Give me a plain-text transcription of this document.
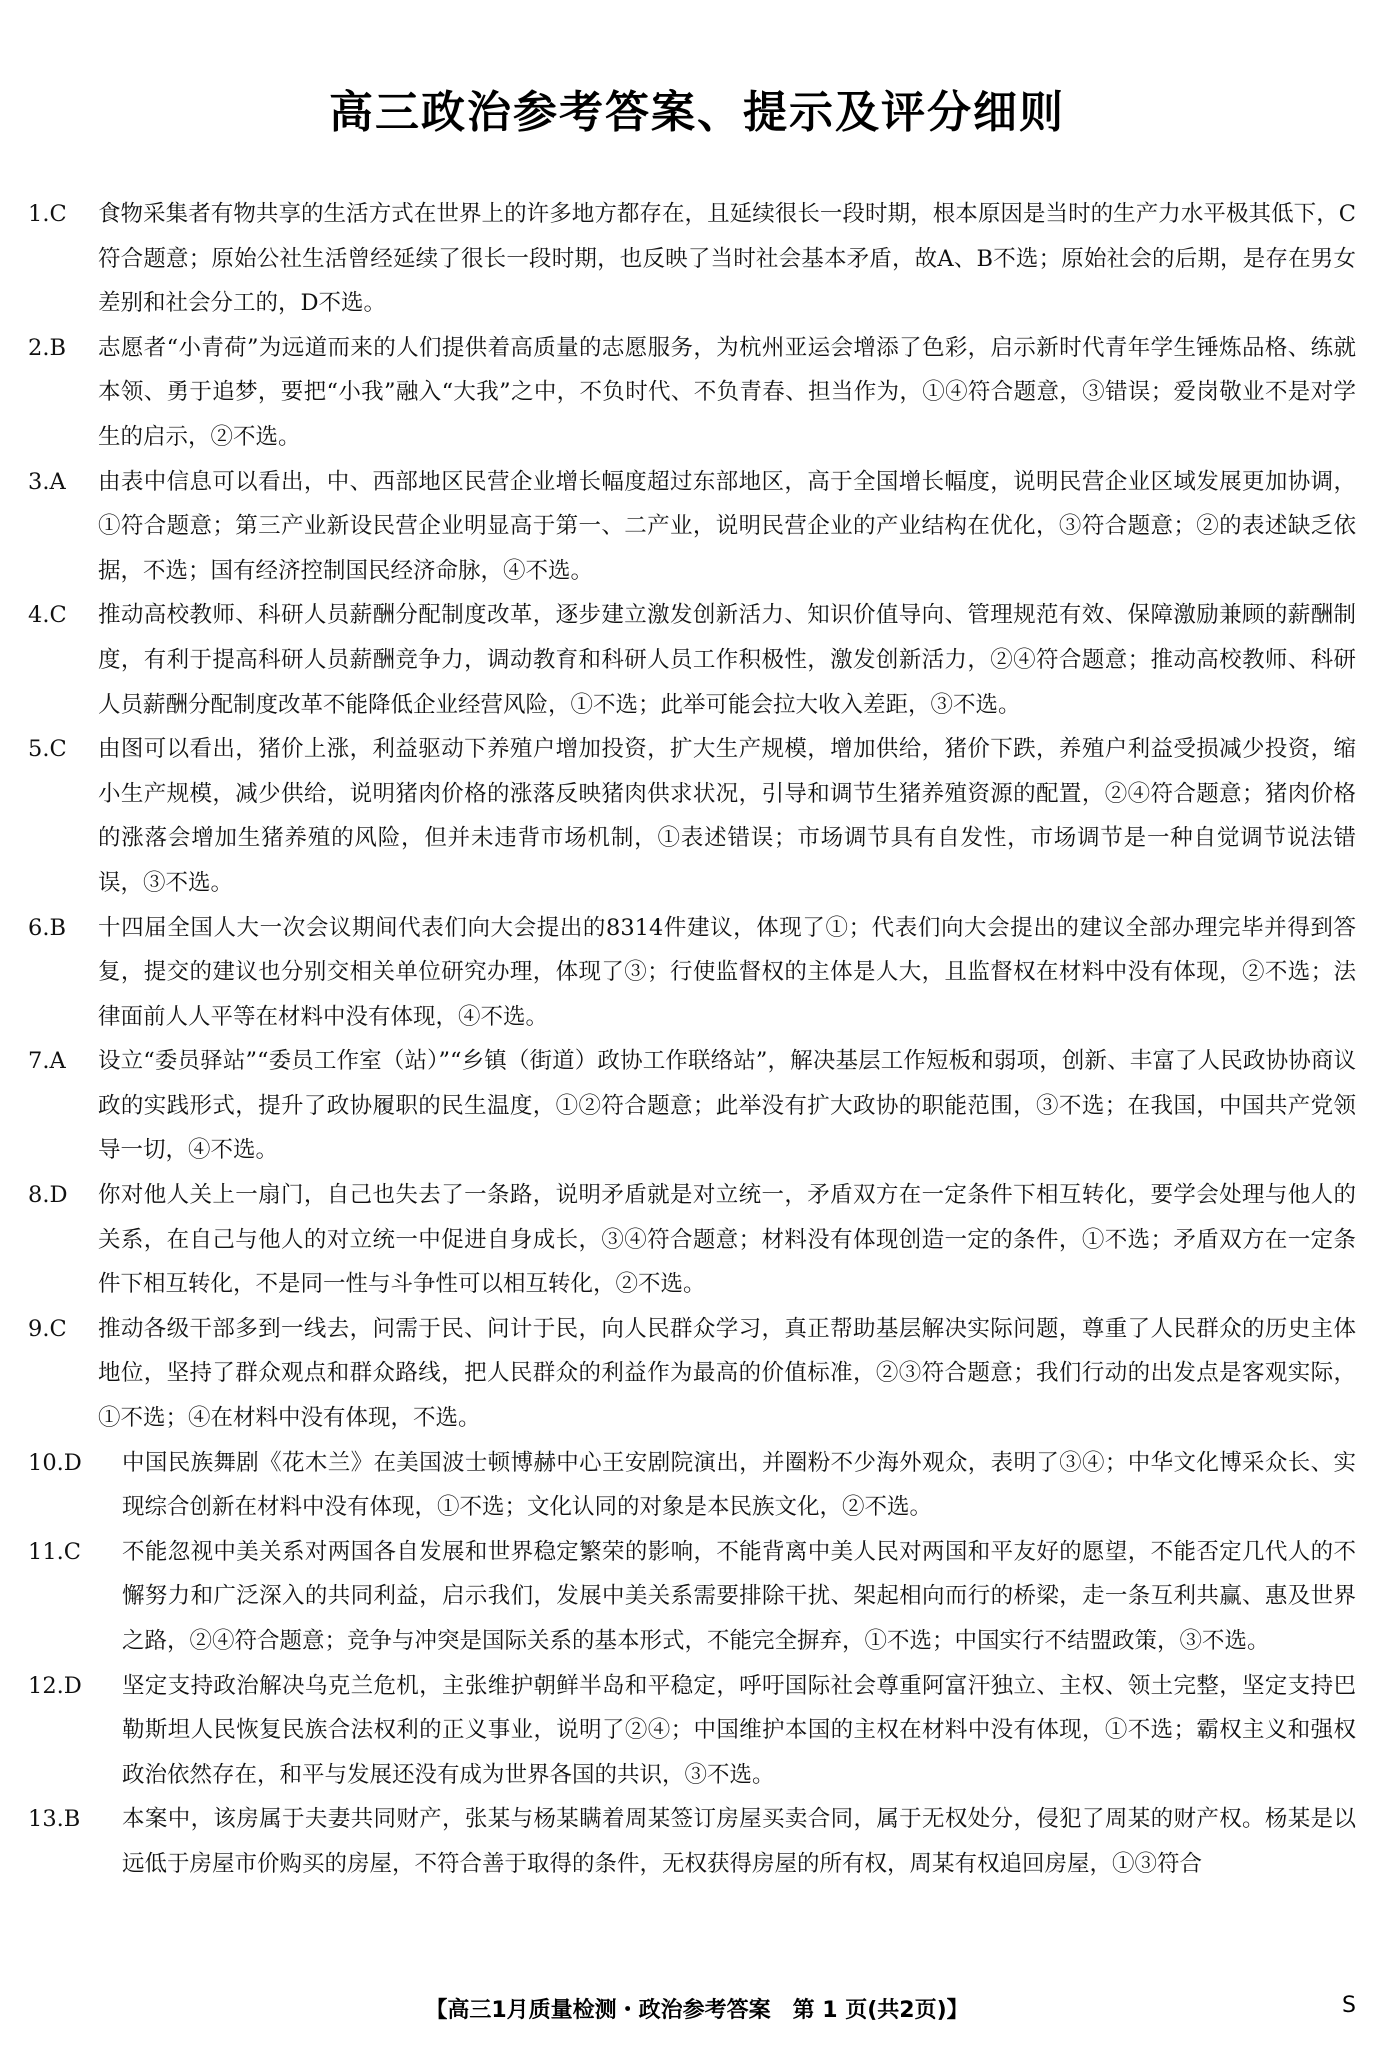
高三政治参考答案、提示及评分细则
1.C	食物采集者有物共享的生活方式在世界上的许多地方都存在，且延续很长一段时期，根本原因是当时的生产力水平极其低下，C符合题意；原始公社生活曾经延续了很长一段时期，也反映了当时社会基本矛盾，故A、B不选；原始社会的后期，是存在男女差别和社会分工的，D不选。
2.B	志愿者“小青荷”为远道而来的人们提供着高质量的志愿服务，为杭州亚运会增添了色彩，启示新时代青年学生锤炼品格、练就本领、勇于追梦，要把“小我”融入“大我”之中，不负时代、不负青春、担当作为，①④符合题意，③错误；爱岗敬业不是对学生的启示，②不选。
3.A	由表中信息可以看出，中、西部地区民营企业增长幅度超过东部地区，高于全国增长幅度，说明民营企业区域发展更加协调，①符合题意；第三产业新设民营企业明显高于第一、二产业，说明民营企业的产业结构在优化，③符合题意；②的表述缺乏依据，不选；国有经济控制国民经济命脉，④不选。
4.C	推动高校教师、科研人员薪酬分配制度改革，逐步建立激发创新活力、知识价值导向、管理规范有效、保障激励兼顾的薪酬制度，有利于提高科研人员薪酬竞争力，调动教育和科研人员工作积极性，激发创新活力，②④符合题意；推动高校教师、科研人员薪酬分配制度改革不能降低企业经营风险，①不选；此举可能会拉大收入差距，③不选。
5.C	由图可以看出，猪价上涨，利益驱动下养殖户增加投资，扩大生产规模，增加供给，猪价下跌，养殖户利益受损减少投资，缩小生产规模，减少供给，说明猪肉价格的涨落反映猪肉供求状况，引导和调节生猪养殖资源的配置，②④符合题意；猪肉价格的涨落会增加生猪养殖的风险，但并未违背市场机制，①表述错误；市场调节具有自发性，市场调节是一种自觉调节说法错误，③不选。
6.B	十四届全国人大一次会议期间代表们向大会提出的8314件建议，体现了①；代表们向大会提出的建议全部办理完毕并得到答复，提交的建议也分别交相关单位研究办理，体现了③；行使监督权的主体是人大，且监督权在材料中没有体现，②不选；法律面前人人平等在材料中没有体现，④不选。
7.A	设立“委员驿站”“委员工作室（站）”“乡镇（街道）政协工作联络站”，解决基层工作短板和弱项，创新、丰富了人民政协协商议政的实践形式，提升了政协履职的民生温度，①②符合题意；此举没有扩大政协的职能范围，③不选；在我国，中国共产党领导一切，④不选。
8.D	你对他人关上一扇门，自己也失去了一条路，说明矛盾就是对立统一，矛盾双方在一定条件下相互转化，要学会处理与他人的关系，在自己与他人的对立统一中促进自身成长，③④符合题意；材料没有体现创造一定的条件，①不选；矛盾双方在一定条件下相互转化，不是同一性与斗争性可以相互转化，②不选。
9.C	推动各级干部多到一线去，问需于民、问计于民，向人民群众学习，真正帮助基层解决实际问题，尊重了人民群众的历史主体地位，坚持了群众观点和群众路线，把人民群众的利益作为最高的价值标准，②③符合题意；我们行动的出发点是客观实际，①不选；④在材料中没有体现，不选。
10.D	中国民族舞剧《花木兰》在美国波士顿博赫中心王安剧院演出，并圈粉不少海外观众，表明了③④；中华文化博采众长、实现综合创新在材料中没有体现，①不选；文化认同的对象是本民族文化，②不选。
11.C	不能忽视中美关系对两国各自发展和世界稳定繁荣的影响，不能背离中美人民对两国和平友好的愿望，不能否定几代人的不懈努力和广泛深入的共同利益，启示我们，发展中美关系需要排除干扰、架起相向而行的桥梁，走一条互利共赢、惠及世界之路，②④符合题意；竞争与冲突是国际关系的基本形式，不能完全摒弃，①不选；中国实行不结盟政策，③不选。
12.D	坚定支持政治解决乌克兰危机，主张维护朝鲜半岛和平稳定，呼吁国际社会尊重阿富汗独立、主权、领土完整，坚定支持巴勒斯坦人民恢复民族合法权利的正义事业，说明了②④；中国维护本国的主权在材料中没有体现，①不选；霸权主义和强权政治依然存在，和平与发展还没有成为世界各国的共识，③不选。
13.B	本案中，该房属于夫妻共同财产，张某与杨某瞒着周某签订房屋买卖合同，属于无权处分，侵犯了周某的财产权。杨某是以远低于房屋市价购买的房屋，不符合善于取得的条件，无权获得房屋的所有权，周某有权追回房屋，①③符合
【高三1月质量检测・政治参考答案　第 1 页(共2页)】	S
